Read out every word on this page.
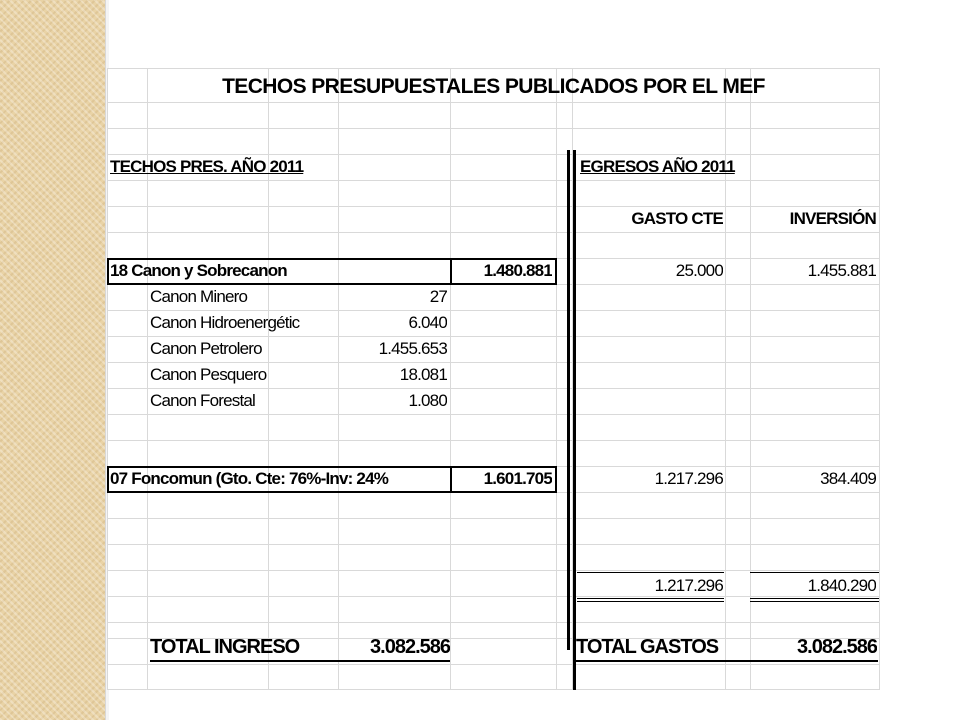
TECHOS PRESUPUESTALES PUBLICADOS POR EL MEF
TECHOS PRES. AÑO 2011	EGRESOS AÑO 2011
GASTO CTE	INVERSIÓN
18 Canon y Sobrecanon	1.480.881	25.000	1.455.881
Canon Minero	27
Canon Hidroenergétic	6.040
Canon Petrolero	1.455.653
Canon Pesquero	18.081
Canon Forestal	1.080
07 Foncomun (Gto. Cte: 76%-Inv: 24%	1.601.705	1.217.296	384.409
1.217.296	1.840.290
TOTAL INGRESO	3.082.586	TOTAL GASTOS	3.082.586
